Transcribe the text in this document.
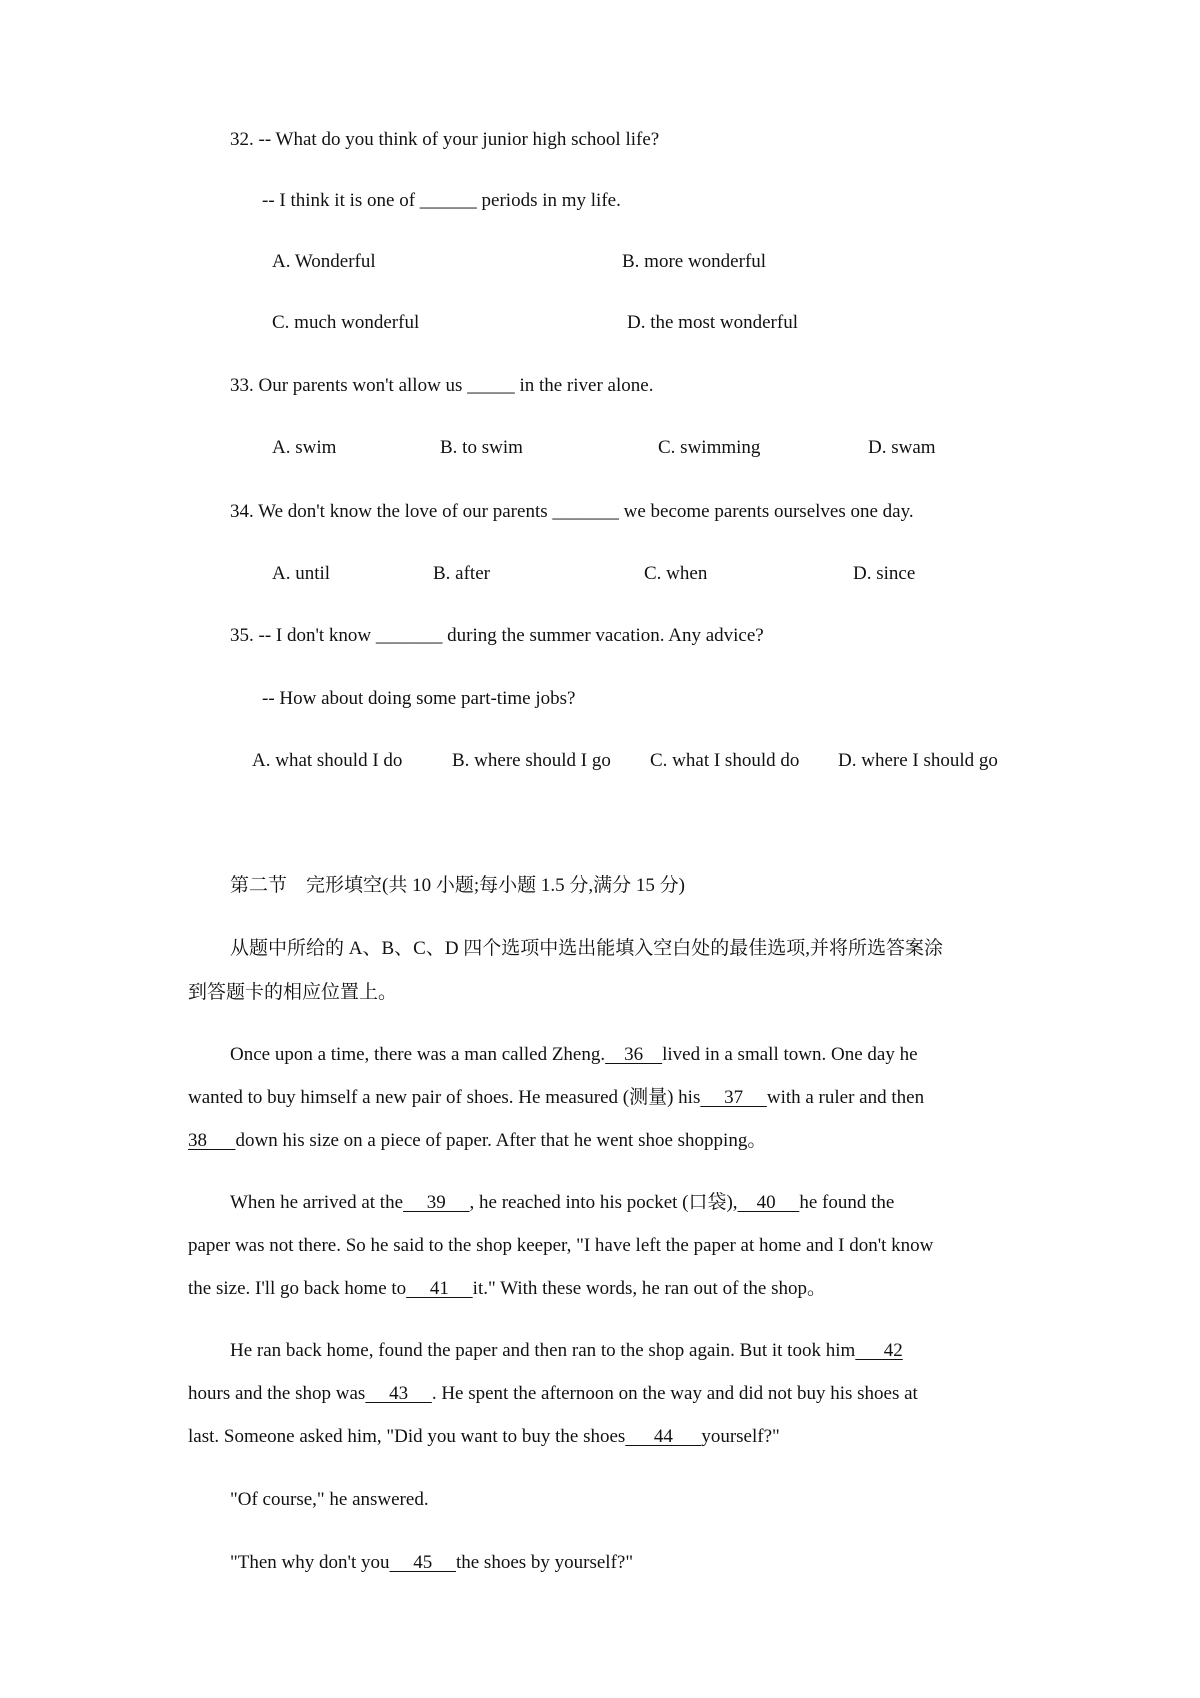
32. -- What do you think of your junior high school life?

-- I think it is one of ______ periods in my life.

A. Wonderful	B. more wonderful
C. much wonderful	D. the most wonderful

33. Our parents won't allow us _____ in the river alone.

A. swim	B. to swim	C. swimming	D. swam

34. We don't know the love of our parents _______ we become parents ourselves one day.

A. until	B. after	C. when	D. since

35. -- I don't know _______ during the summer vacation. Any advice?

-- How about doing some part-time jobs?

A. what should I do	B. where should I go C. what I should do D. where I should go

第二节　完形填空(共 10 小题;每小题 1.5 分,满分 15 分)

从题中所给的 A、B、C、D 四个选项中选出能填入空白处的最佳选项,并将所选答案涂

到答题卡的相应位置上。

Once upon a time, there was a man called Zheng.    36    lived in a small town. One day he

wanted to buy himself a new pair of shoes. He measured (测量) his     37     with a ruler and then

38      down his size on a piece of paper. After that he went shoe shopping。

When he arrived at the     39     , he reached into his pocket (口袋),    40     he found the

paper was not there. So he said to the shop keeper, "I have left the paper at home and I don't know

the size. I'll go back home to     41     it." With these words, he ran out of the shop。

He ran back home, found the paper and then ran to the shop again. But it took him      42

hours and the shop was     43     . He spent the afternoon on the way and did not buy his shoes at

last. Someone asked him, "Did you want to buy the shoes      44      yourself?"

"Of course," he answered.

"Then why don't you     45     the shoes by yourself?"
